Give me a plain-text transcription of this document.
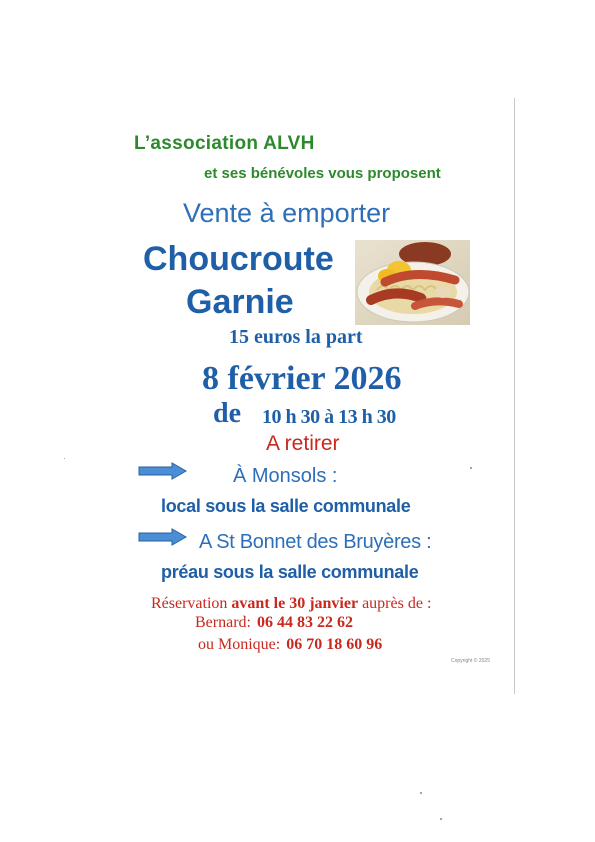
L’association ALVH
et ses bénévoles vous proposent
Vente à emporter
Choucroute
Garnie
15 euros la part
8 février 2026
de 10 h 30 à 13 h 30
A retirer
À Monsols :
local sous la salle communale
A St Bonnet des Bruyères :
préau sous la salle communale
Réservation avant le 30 janvier auprès de :
Bernard: 06 44 83 22 62
ou Monique: 06 70 18 60 96
Copyright © 2025
